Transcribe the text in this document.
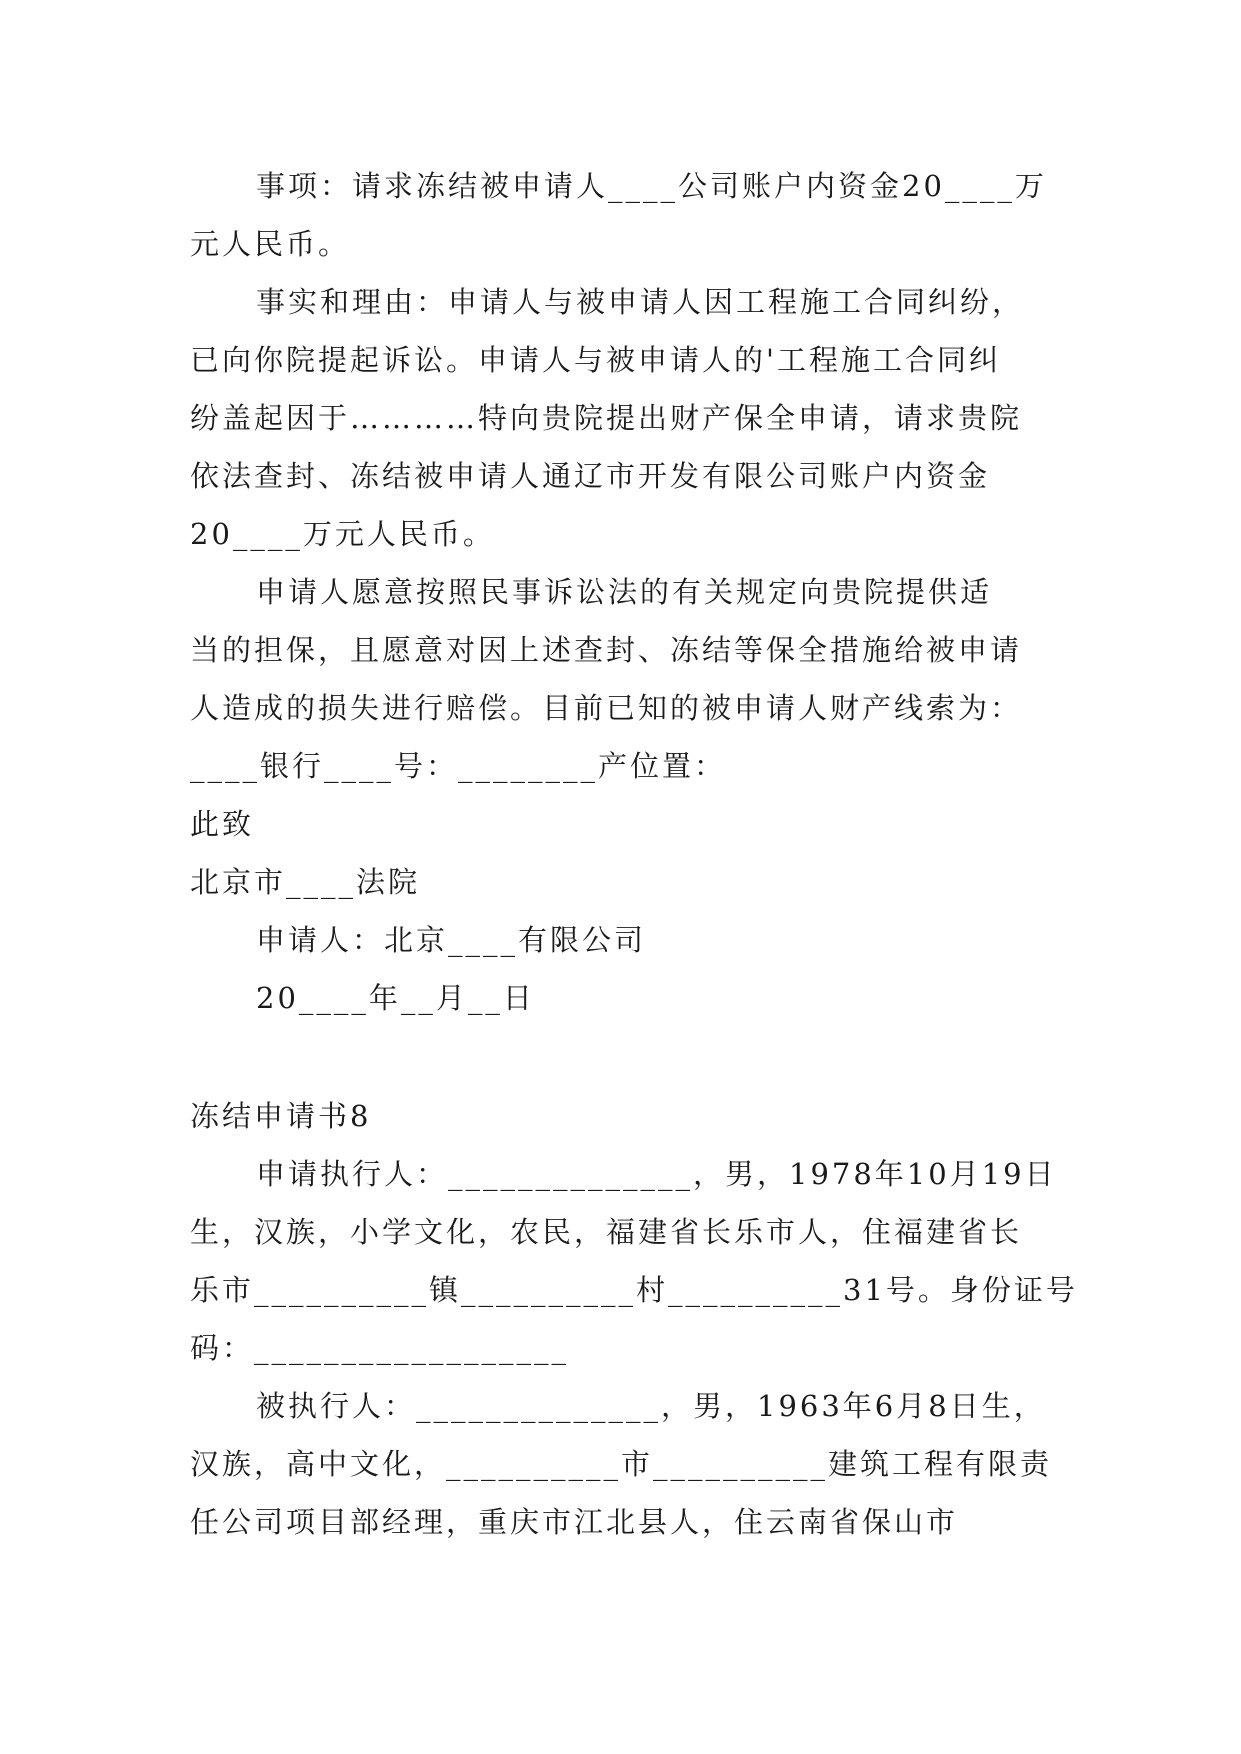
事项：请求冻结被申请人____公司账户内资金20____万
元人民币。
事实和理由：申请人与被申请人因工程施工合同纠纷，
已向你院提起诉讼。申请人与被申请人的'工程施工合同纠
纷盖起因于…………特向贵院提出财产保全申请，请求贵院
依法查封、冻结被申请人通辽市开发有限公司账户内资金
20____万元人民币。
申请人愿意按照民事诉讼法的有关规定向贵院提供适
当的担保，且愿意对因上述查封、冻结等保全措施给被申请
人造成的损失进行赔偿。目前已知的被申请人财产线索为：
____银行____号：________产位置：
此致
北京市____法院
申请人：北京____有限公司
20____年__月__日
冻结申请书8
申请执行人：______________，男，1978年10月19日
生，汉族，小学文化，农民，福建省长乐市人，住福建省长
乐市__________镇__________村__________31号。身份证号
码：__________________
被执行人：______________，男，1963年6月8日生，
汉族，高中文化，__________市__________建筑工程有限责
任公司项目部经理，重庆市江北县人，住云南省保山市
